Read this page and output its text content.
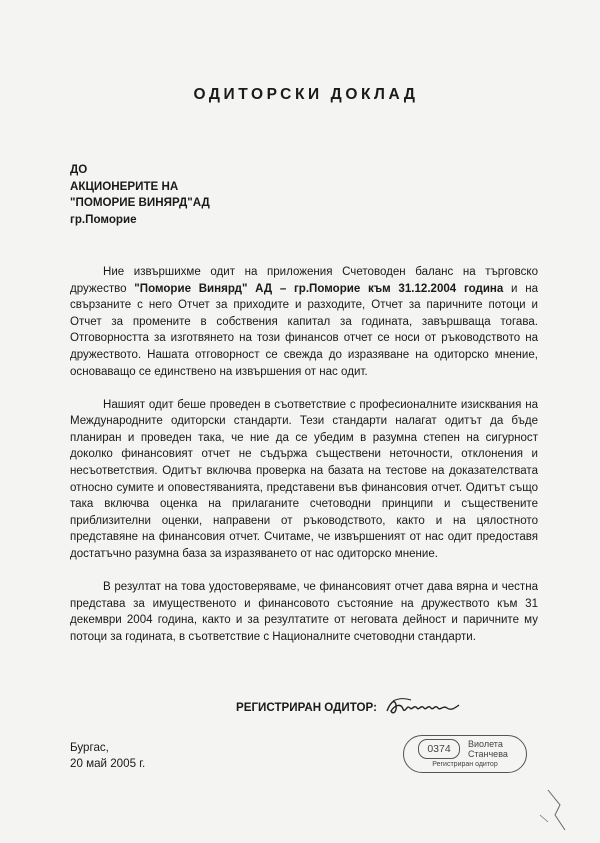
ОДИТОРСКИ ДОКЛАД
ДО
АКЦИОНЕРИТЕ НА
"ПОМОРИЕ ВИНЯРД"АД
гр.Поморие

Ние извършихме одит на приложения Счетоводен баланс на търговско дружество "Поморие Винярд" АД – гр.Поморие към 31.12.2004 година и на свързаните с него Отчет за приходите и разходите, Отчет за паричните потоци и Отчет за промените в собствения капитал за годината, завършваща тогава. Отговорността за изготвянето на този финансов отчет се носи от ръководството на дружеството. Нашата отговорност се свежда до изразяване на одиторско мнение, основаващо се единствено на извършения от нас одит.

Нашият одит беше проведен в съответствие с професионалните изисквания на Международните одиторски стандарти. Тези стандарти налагат одитът да бъде планиран и проведен така, че ние да се убедим в разумна степен на сигурност доколко финансовият отчет не съдържа съществени неточности, отклонения и несъответствия. Одитът включва проверка на базата на тестове на доказателствата относно сумите и оповестяванията, представени във финансовия отчет. Одитът също така включва оценка на прилаганите счетоводни принципи и съществените приблизителни оценки, направени от ръководството, както и на цялостното представяне на финансовия отчет. Считаме, че извършеният от нас одит предоставя достатъчно разумна база за изразяването от нас одиторско мнение.

В резултат на това удостоверяваме, че финансовият отчет дава вярна и честна представа за имущественото и финансовото състояние на дружеството към 31 декември 2004 година, както и за резултатите от неговата дейност и паричните му потоци за годината, в съответствие с Националните счетоводни стандарти.

РЕГИСТРИРАН ОДИТОР:
Бургас,
20 май 2005 г.
0374	Виолета
Станчева
Регистриран одитор
